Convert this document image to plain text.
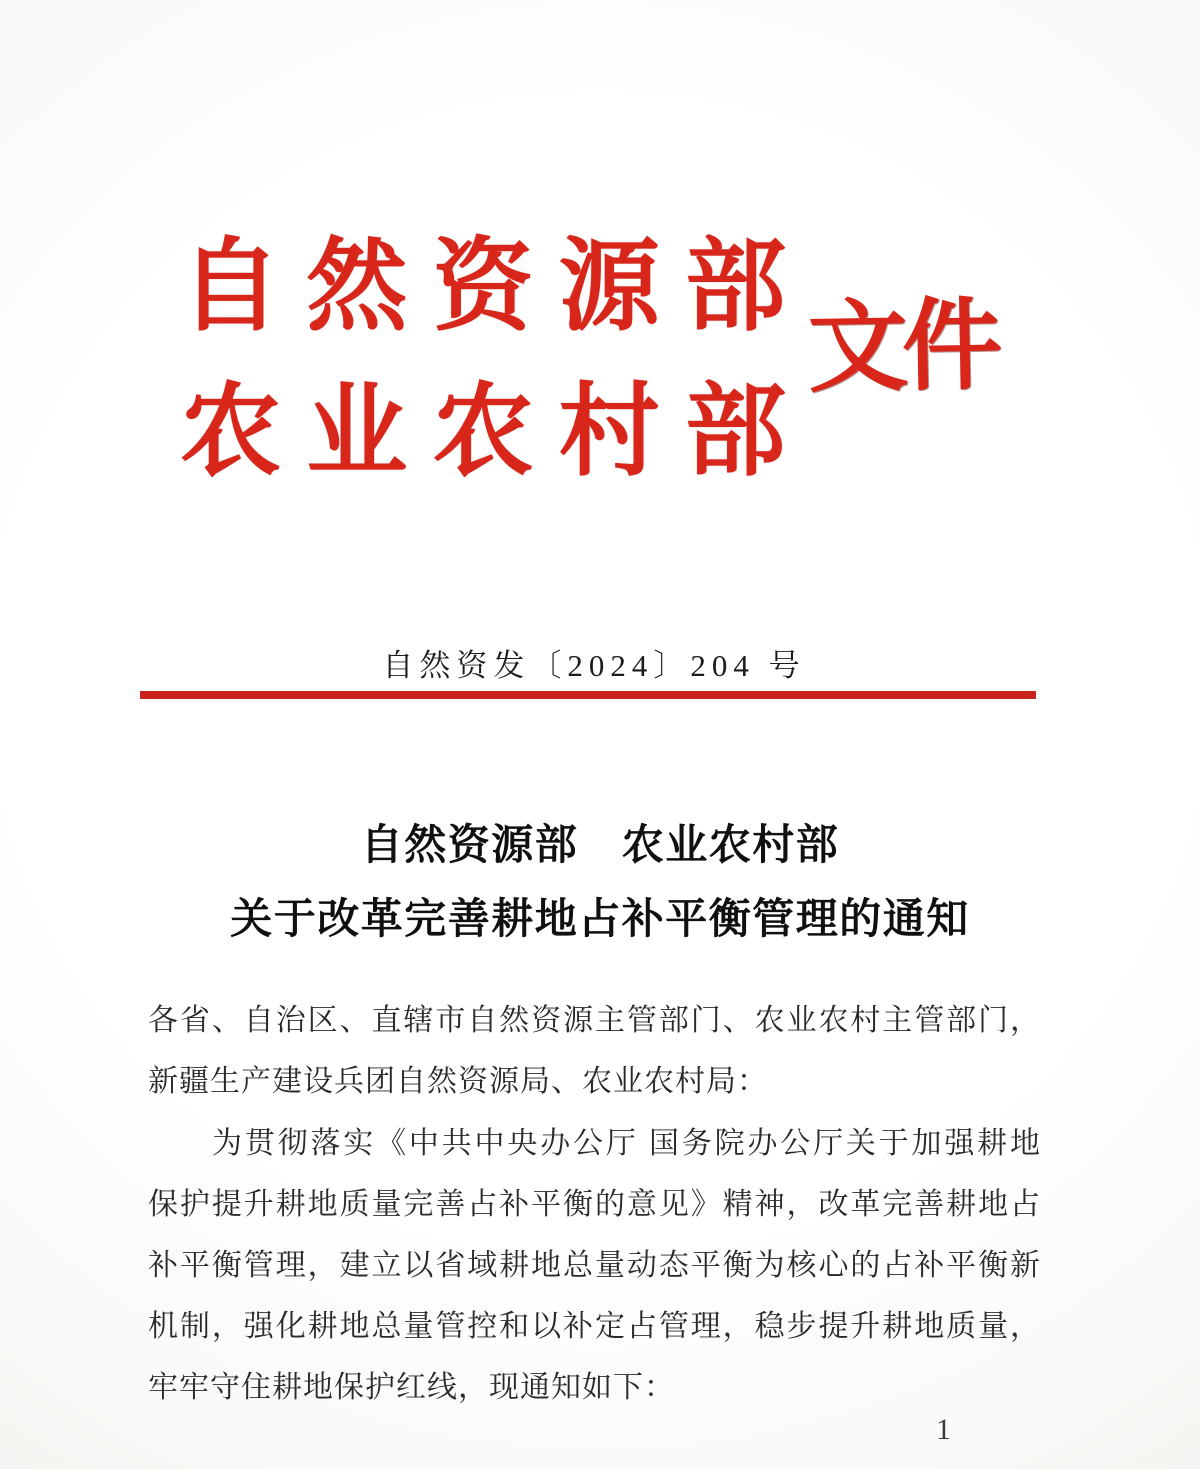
自 然 资 源 部
农 业 农 村 部
文件
自然资发〔2024〕204 号
自然资源部　农业农村部
关于改革完善耕地占补平衡管理的通知
各省、自治区、直辖市自然资源主管部门、农业农村主管部门，
新疆生产建设兵团自然资源局、农业农村局：
为贯彻落实《中共中央办公厅 国务院办公厅关于加强耕地
保护提升耕地质量完善占补平衡的意见》精神，改革完善耕地占
补平衡管理，建立以省域耕地总量动态平衡为核心的占补平衡新
机制，强化耕地总量管控和以补定占管理，稳步提升耕地质量，
牢牢守住耕地保护红线，现通知如下：
1
